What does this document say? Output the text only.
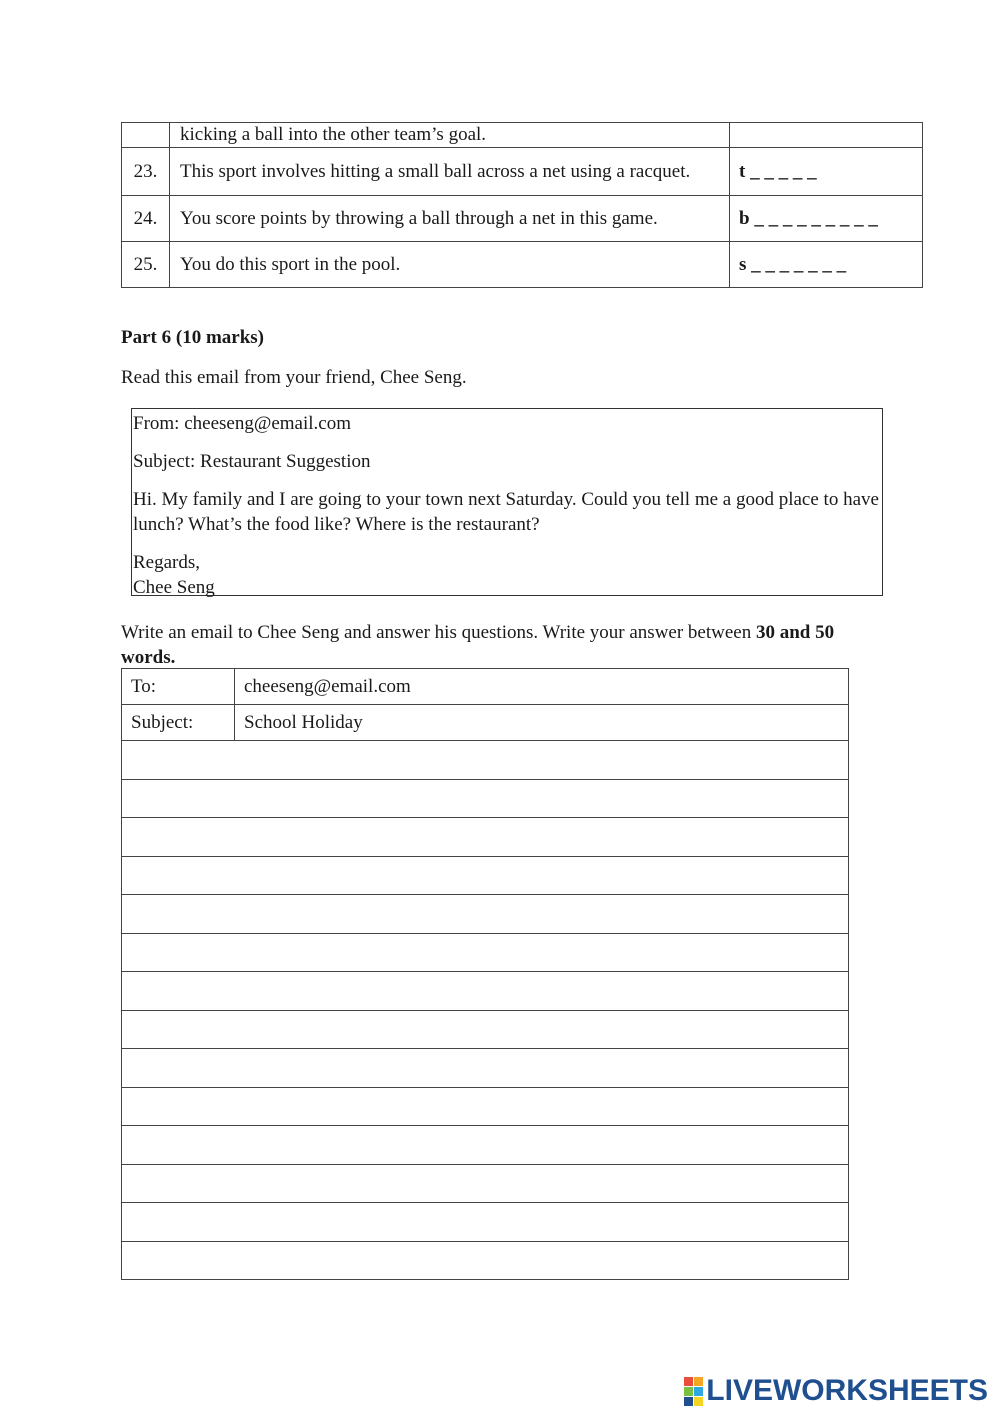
	kicking a ball into the other team’s goal.	
23.	This sport involves hitting a small ball across a net using a racquet.	t _ _ _ _ _
24.	You score points by throwing a ball through a net in this game.	b _ _ _ _ _ _ _ _ _
25.	You do this sport in the pool.	s _ _ _ _ _ _ _
Part 6 (10 marks)
Read this email from your friend, Chee Seng.

From: cheeseng@email.com

Subject: Restaurant Suggestion

Hi. My family and I are going to your town next Saturday. Could you tell me a good place to have lunch? What’s the food like? Where is the restaurant?

Regards,
Chee Seng

Write an email to Chee Seng and answer his questions. Write your answer between 30 and 50 words.
To:	cheeseng@email.com
Subject:	School Holiday

LIVEWORKSHEETS
